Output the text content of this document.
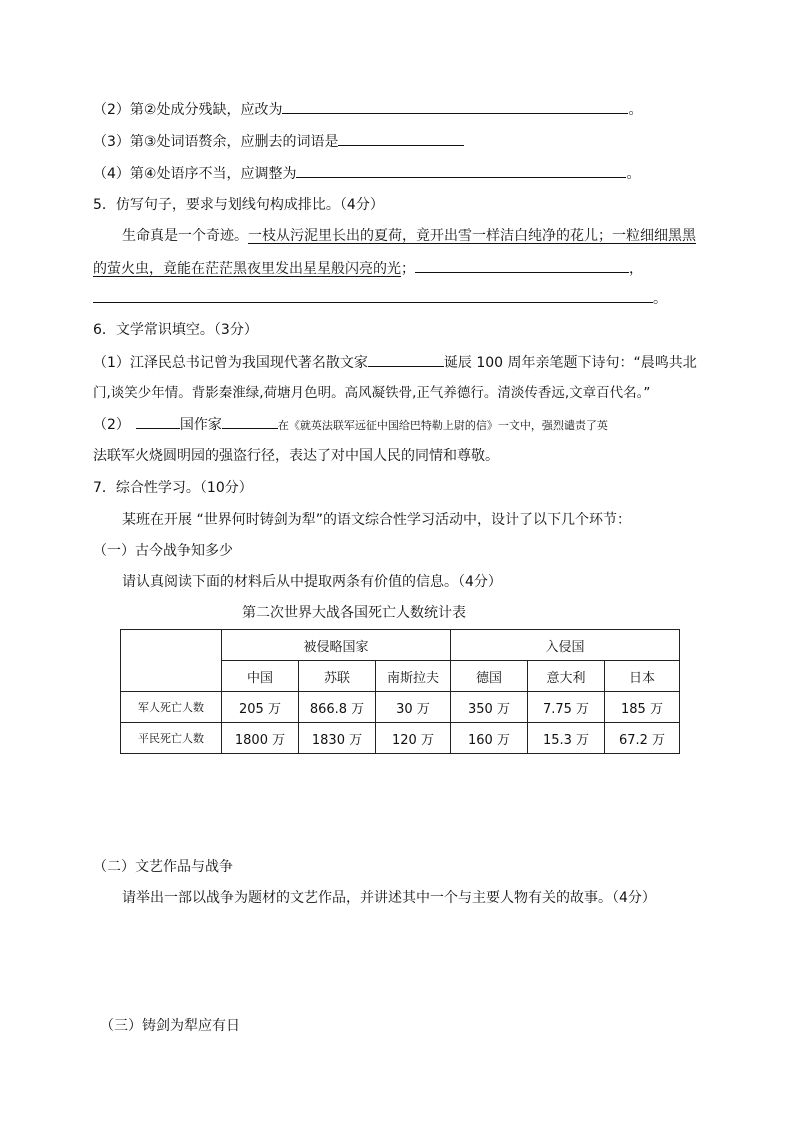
（2）第②处成分残缺，应改为	。
（3）第③处词语赘余，应删去的词语是
（4）第④处语序不当，应调整为	。
5．仿写句子，要求与划线句构成排比。（4分）
生命真是一个奇迹。一枝从污泥里长出的夏荷，竟开出雪一样洁白纯净的花儿；一粒细细黑黑
的萤火虫，竟能在茫茫黑夜里发出星星般闪亮的光；	，
。
6．文学常识填空。（3分）
（1）江泽民总书记曾为我国现代著名散文家	诞辰 100 周年亲笔题下诗句：“晨鸣共北
门,谈笑少年情。背影秦淮绿,荷塘月色明。高风凝铁骨,正气养德行。清淡传香远,文章百代名。”
（2）	国作家	在《就英法联军远征中国给巴特勒上尉的信》一文中，强烈谴责了英
法联军火烧圆明园的强盗行径，表达了对中国人民的同情和尊敬。
7．综合性学习。（10分）
某班在开展 “世界何时铸剑为犁”的语文综合性学习活动中，设计了以下几个环节：
（一）古今战争知多少
请认真阅读下面的材料后从中提取两条有价值的信息。（4分）
第二次世界大战各国死亡人数统计表
	被侵略国家			入侵国		
	中国	苏联	南斯拉夫	德国	意大利	日本
军人死亡人数	205 万	866.8 万	30 万	350 万	7.75 万	185 万
平民死亡人数	1800 万	1830 万	120 万	160 万	15.3 万	67.2 万
（二）文艺作品与战争
请举出一部以战争为题材的文艺作品，并讲述其中一个与主要人物有关的故事。（4分）
（三）铸剑为犁应有日
